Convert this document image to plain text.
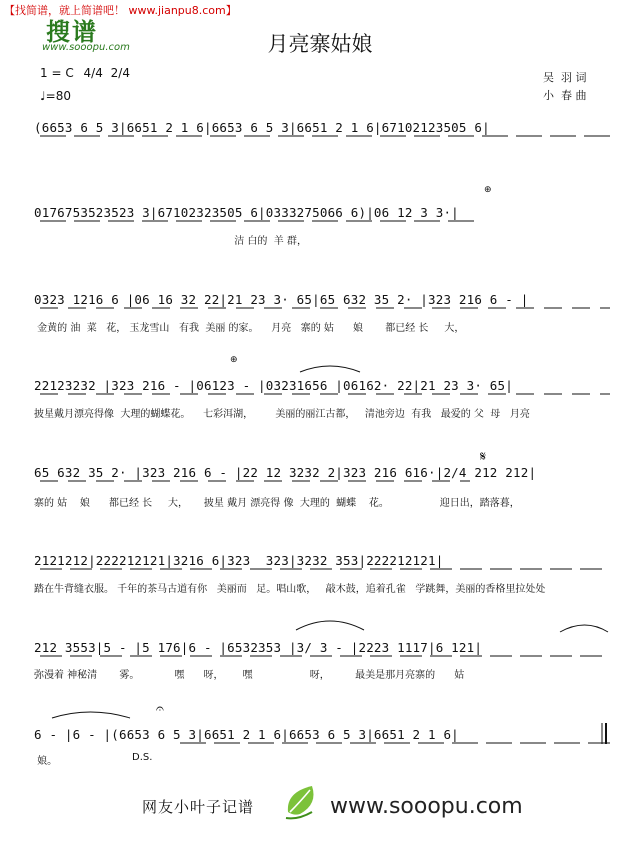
【找简谱，就上简谱吧！ www.jianpu8.com】
搜谱
www.sooopu.com	月亮寨姑娘
1 = C 4/4 2/4
♩=80
吴  羽 词
小  春 曲
(6653 6 5 3|6651 2 1 6|6653 6 5 3|6651 2 1 6|67102123505 6|
0176753523523 3|67102323505 6|0333275066 6)|06 12 3 3·|
洁 白的  羊 群，
0323 1216 6 |06 16 32 22|21 23 3· 65|65 632 35 2· |323 216 6 - |
金黄的 油  菜   花， 玉龙雪山   有我  美丽 的家。    月亮   寨的 姑      娘       都已经 长     大，
22123232 |323 216 - |06123 - |03231656 |06162· 22|21 23 3· 65|
披星戴月漂亮得像  大理的蝴蝶花。    七彩洱湖，       美丽的丽江古都，   清池旁边  有我   最爱的 父  母   月亮
65 632 35 2· |323 216 6 - |22 12 3232 2|323 216 616·|2/4 212 212|
寨的 姑    娘      都已经 长     大，     披星 戴月 漂亮得 像  大理的  蝴蝶    花。                迎日出，踏落暮，
2121212|222212121|3216 6|323  323|3232 353|222212121|
踏在牛背缝衣服。 千年的茶马古道有你   美丽而   足。唱山歌，   敲木鼓，追着孔雀   学跳舞，美丽的香格里拉处处
212 3553|5 - |5 176|6 - |6532353 |3/ 3 - |2223 1117|6 121|
弥漫着 神秘清       雾。           嘿      呀，      嘿                  呀，        最美是那月亮寨的      姑
6 - |6 - |(6653 6 5 3|6651 2 1 6|6653 6 5 3|6651 2 1 6|
娘。	D.S.
⊕
⊕
𝄋
𝄐
网友小叶子记谱	www.sooopu.com
